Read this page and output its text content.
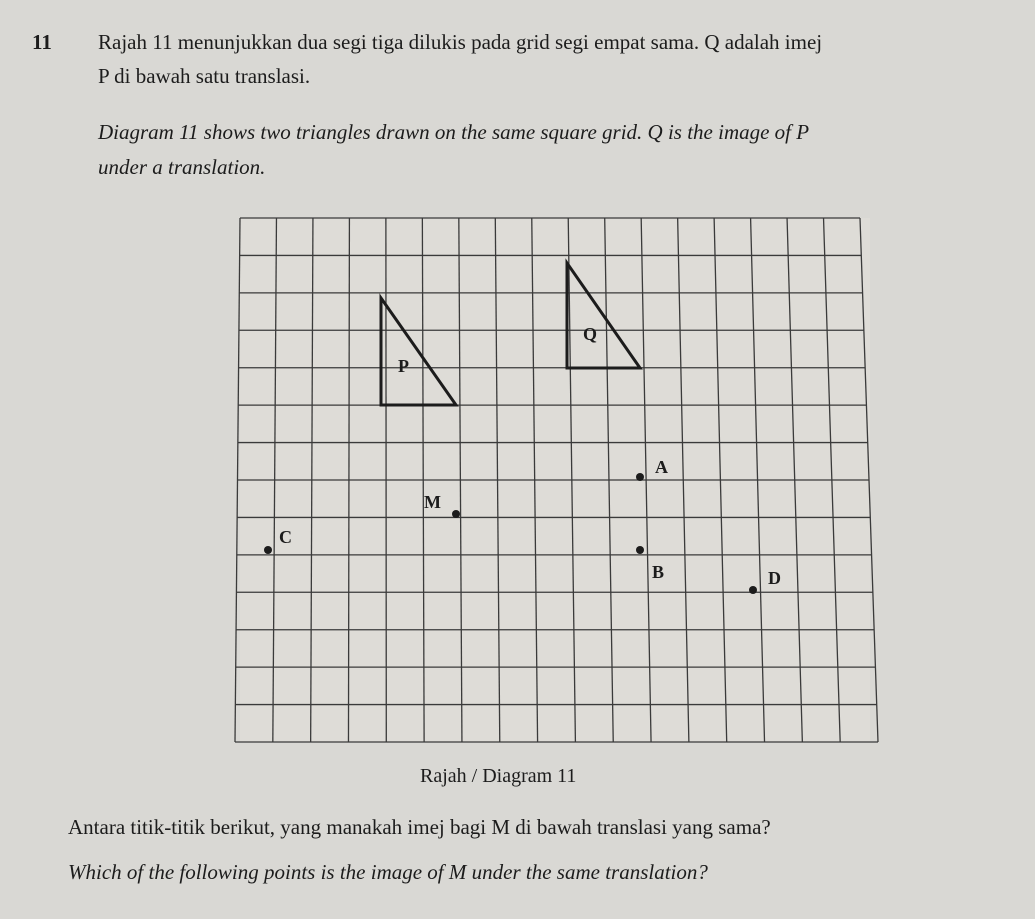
11 Rajah 11 menunjukkan dua segi tiga dilukis pada grid segi empat sama. Q adalah imej
P di bawah satu translasi.
Diagram 11 shows two triangles drawn on the same square grid. Q is the image of P
under a translation.
P
Q
A
M
C
B	D
Rajah / Diagram 11
Antara titik-titik berikut, yang manakah imej bagi M di bawah translasi yang sama?
Which of the following points is the image of M under the same translation?
